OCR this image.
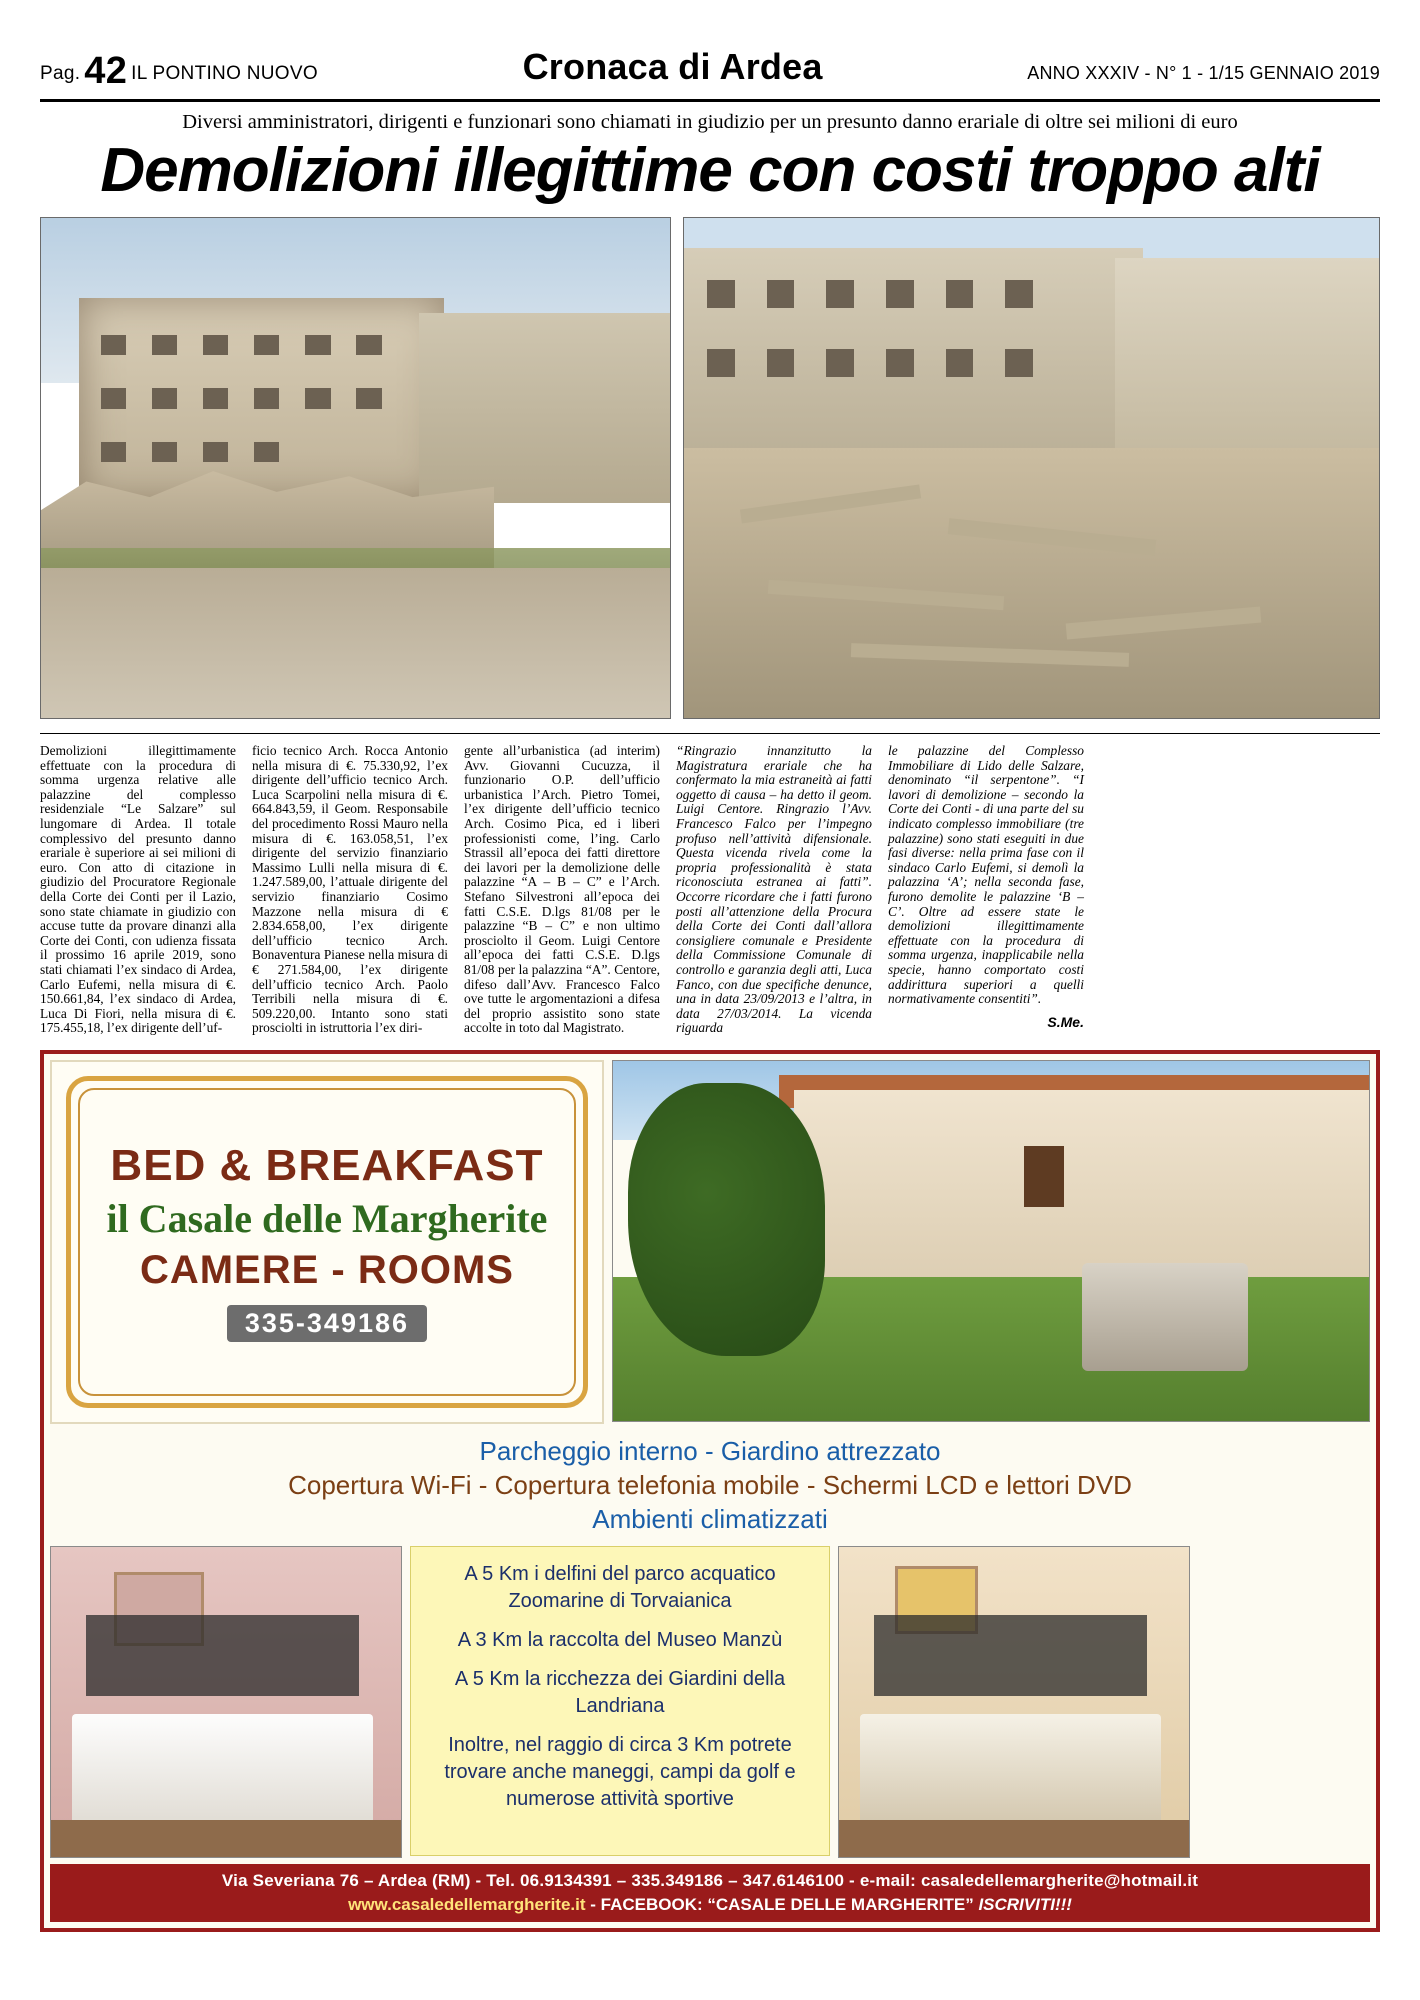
Pag. 42 IL PONTINO NUOVO	Cronaca di Ardea	ANNO XXXIV - N° 1 - 1/15 GENNAIO 2019
Diversi amministratori, dirigenti e funzionari sono chiamati in giudizio per un presunto danno erariale di oltre sei milioni di euro
Demolizioni illegittime con costi troppo alti

Demolizioni illegittimamente effettuate con la procedura di somma urgenza relative alle palazzine del complesso residenziale “Le Salzare” sul lungomare di Ardea. Il totale complessivo del presunto danno erariale è superiore ai sei milioni di euro. Con atto di citazione in giudizio del Procuratore Regionale della Corte dei Conti per il Lazio, sono state chiamate in giudizio con accuse tutte da provare dinanzi alla Corte dei Conti, con udienza fissata il prossimo 16 aprile 2019, sono stati chiamati l’ex sindaco di Ardea, Carlo Eufemi, nella misura di €. 150.661,84, l’ex sindaco di Ardea, Luca Di Fiori, nella misura di €. 175.455,18, l’ex dirigente dell’uf-

ficio tecnico Arch. Rocca Antonio nella misura di €. 75.330,92, l’ex dirigente dell’ufficio tecnico Arch. Luca Scarpolini nella misura di €. 664.843,59, il Geom. Responsabile del procedimento Rossi Mauro nella misura di €. 163.058,51, l’ex dirigente del servizio finanziario Massimo Lulli nella misura di €. 1.247.589,00, l’attuale dirigente del servizio finanziario Cosimo Mazzone nella misura di € 2.834.658,00, l’ex dirigente dell’ufficio tecnico Arch. Bonaventura Pianese nella misura di € 271.584,00, l’ex dirigente dell’ufficio tecnico Arch. Paolo Terribili nella misura di €. 509.220,00. Intanto sono stati prosciolti in istruttoria l’ex diri-

gente all’urbanistica (ad interim) Avv. Giovanni Cucuzza, il funzionario O.P. dell’ufficio urbanistica l’Arch. Pietro Tomei, l’ex dirigente dell’ufficio tecnico Arch. Cosimo Pica, ed i liberi professionisti come, l’ing. Carlo Strassil all’epoca dei fatti direttore dei lavori per la demolizione delle palazzine “A – B – C” e l’Arch. Stefano Silvestroni all’epoca dei fatti C.S.E. D.lgs 81/08 per le palazzine “B – C” e non ultimo prosciolto il Geom. Luigi Centore all’epoca dei fatti C.S.E. D.lgs 81/08 per la palazzina “A”. Centore, difeso dall’Avv. Francesco Falco ove tutte le argomentazioni a difesa del proprio assistito sono state accolte in toto dal Magistrato.

“Ringrazio innanzitutto la Magistratura erariale che ha confermato la mia estraneità ai fatti oggetto di causa – ha detto il geom. Luigi Centore. Ringrazio l’Avv. Francesco Falco per l’impegno profuso nell’attività difensionale. Questa vicenda rivela come la propria professionalità è stata riconosciuta estranea ai fatti”. Occorre ricordare che i fatti furono posti all’attenzione della Procura della Corte dei Conti dall’allora consigliere comunale e Presidente della Commissione Comunale di controllo e garanzia degli atti, Luca Fanco, con due specifiche denunce, una in data 23/09/2013 e l’altra, in data 27/03/2014. La vicenda riguarda

le palazzine del Complesso Immobiliare di Lido delle Salzare, denominato “il serpentone”. “I lavori di demolizione – secondo la Corte dei Conti - di una parte del su indicato complesso immobiliare (tre palazzine) sono stati eseguiti in due fasi diverse: nella prima fase con il sindaco Carlo Eufemi, si demolì la palazzina ‘A’; nella seconda fase, furono demolite le palazzine ‘B – C’. Oltre ad essere state le demolizioni illegittimamente effettuate con la procedura di somma urgenza, inapplicabile nella specie, hanno comportato costi addirittura superiori a quelli normativamente consentiti”.

S.Me.
BED & BREAKFAST
il Casale delle Margherite
CAMERE - ROOMS
335-349186
Parcheggio interno - Giardino attrezzato
Copertura Wi-Fi - Copertura telefonia mobile - Schermi LCD e lettori DVD
Ambienti climatizzati
A 5 Km i delfini del parco acquatico Zoomarine di Torvaianica
A 3 Km la raccolta del Museo Manzù
A 5 Km la ricchezza dei Giardini della Landriana
Inoltre, nel raggio di circa 3 Km potrete trovare anche maneggi, campi da golf e numerose attività sportive
Via Severiana 76 – Ardea (RM) - Tel. 06.9134391 – 335.349186 – 347.6146100 - e-mail: casaledellemargherite@hotmail.it
www.casaledellemargherite.it - FACEBOOK: “CASALE DELLE MARGHERITE” ISCRIVITI!!!
